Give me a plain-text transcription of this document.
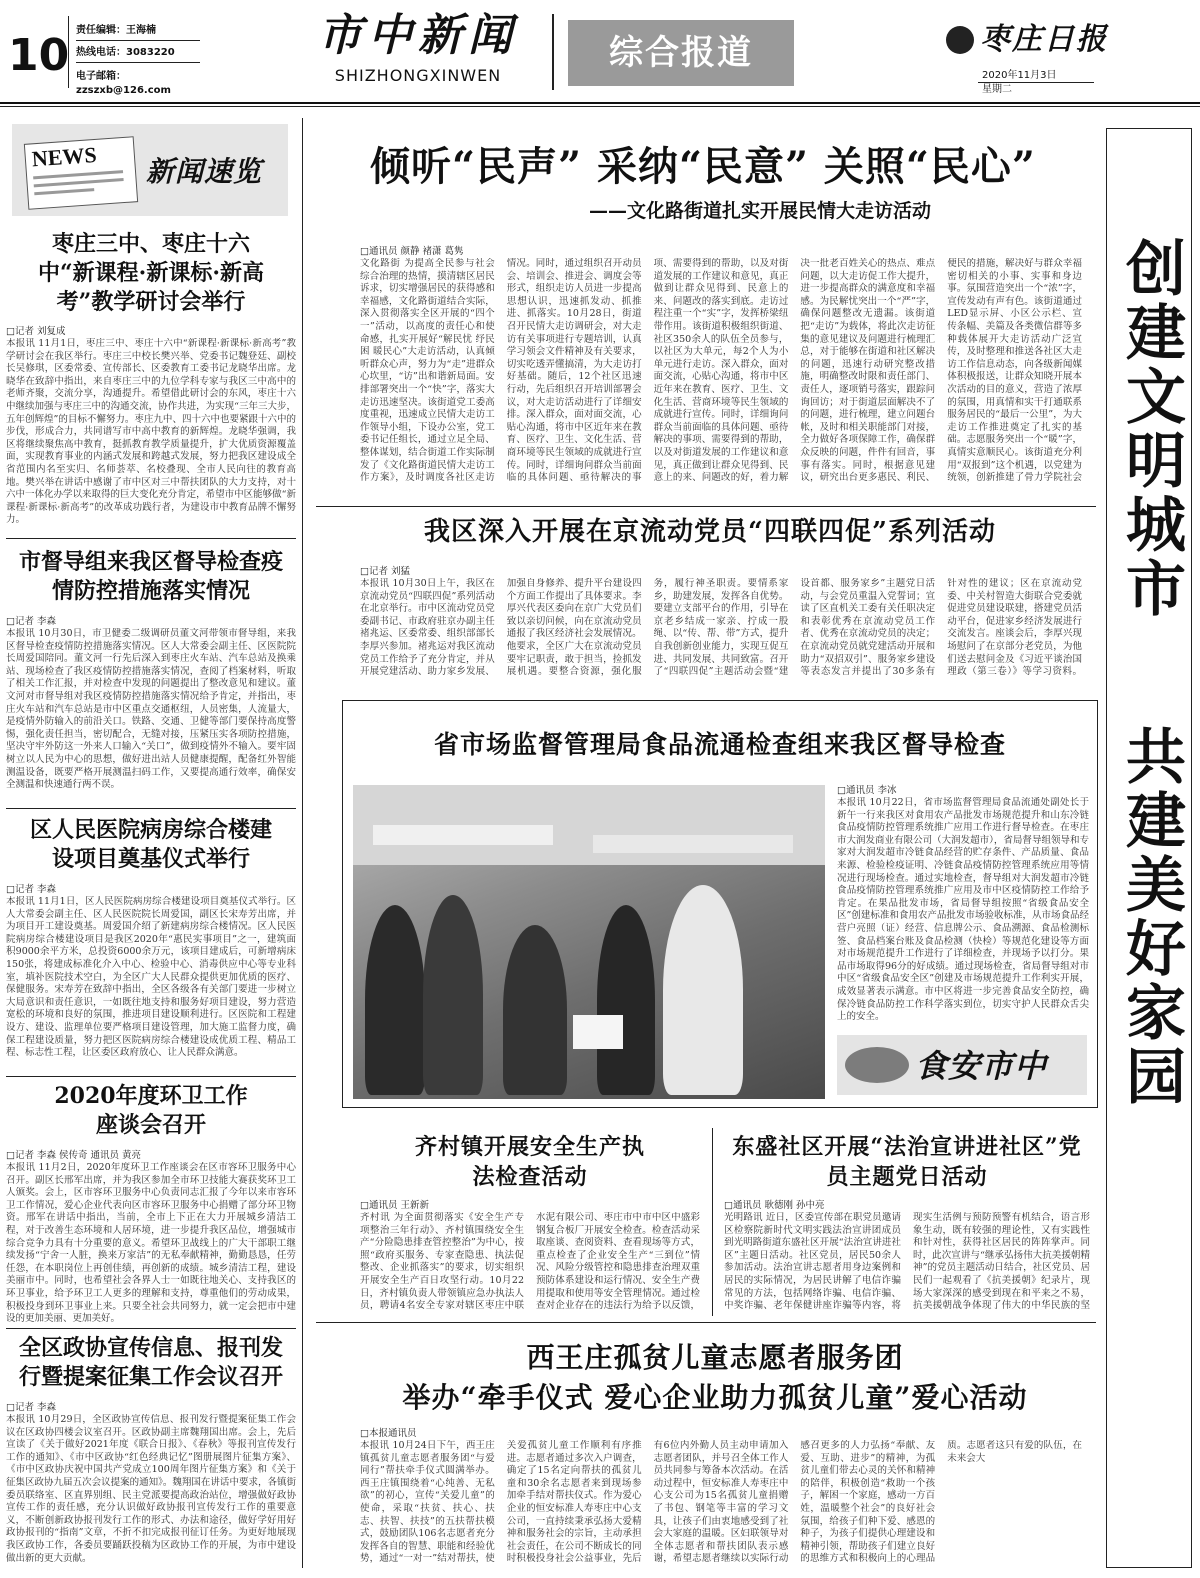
10 责任编辑：王海楠
热线电话：3083220
电子邮箱：zzszxb@126.com
市中新闻
SHIZHONGXINWEN
综合报道	枣庄日报
2020年11月3日
星期二
NEWS 新闻速览
枣庄三中、枣庄十六中“新课程·新课标·新高考”教学研讨会举行
□记者 刘复成
本报讯 11月1日，枣庄三中、枣庄十六中“新课程·新课标·新高考”教学研讨会在我区举行。枣庄三中校长樊兴举、党委书记魏登廷、副校长吴修琪，区委常委、宣传部长、区委教育工委书记龙晓华出席。龙晓华在致辞中指出，来自枣庄三中的九位学科专家与我区三中高中的老师齐聚，交流分享，沟通提升。希望借此研讨会的东风，枣庄十六中继续加强与枣庄三中的沟通交流，协作共进，为实现“三年三大步，五年创辉煌”的目标不懈努力。枣庄九中、四十六中也要紧跟十六中的步伐，形成合力，共同谱写市中高中教育的新辉煌。龙晓华强调，我区将继续聚焦高中教育，挺抓教育教学质量提升，扩大优质资源覆盖面，实现教育事业的内涵式发展和跨越式发展，努力把我区建设成全省范围内名至实归、名师荟萃、名校叠现、全市人民向往的教育高地。樊兴举在讲话中感谢了市中区对三中帮扶团队的大力支持，对十六中一体化办学以来取得的巨大变化充分肯定，希望市中区能够做“新课程·新课标·新高考”的改革成功践行者，为建设市中教育品牌不懈努力。
市督导组来我区督导检查疫情防控措施落实情况
□记者 李森
本报讯 10月30日，市卫健委二级调研员董文河带领市督导组，来我区督导检查疫情防控措施落实情况。区人大常委会副主任、区医院院长周爱国陪同。董文河一行先后深入到枣庄火车站、汽车总站及换乘站、现场检查了我区疫情防控措施落实情况，查阅了档案材料，听取了相关工作汇报，并对检查中发现的问题提出了整改意见和建议。董文河对市督导组对我区疫情防控措施落实情况给予肯定，并指出，枣庄火车站和汽车总站是市中区重点交通枢纽，人员密集，人流量大，是疫情外防输入的前沿关口。铁路、交通、卫健等部门要保持高度警惕，强化责任担当，密切配合，无缝对接，压紧压实各项防控措施，坚决守牢外防这一外来人口输入“关口”，做到疫情外不输入。要牢固树立以人民为中心的思想，做好进出站人员健康提醒，配备红外智能测温设备，既要严格开展测温扫码工作，又要提高通行效率，确保安全测温和快速通行两不误。
区人民医院病房综合楼建设项目奠基仪式举行
□记者 李森
本报讯 11月1日，区人民医院病房综合楼建设项目奠基仪式举行。区人大常委会副主任、区人民医院院长周爱国，副区长宋寿芳出席，并为项目开工建设奠基。周爱国介绍了新建病房综合楼情况。区人民医院病房综合楼建设项目是我区2020年“惠民实事项目”之一，建筑面积9000余平方米，总投资6000余万元，该项目建成后，可新增病床150张，将建成标准化介入中心、检验中心、消毒供应中心等专业科室，填补医院技术空白，为全区广大人民群众提供更加优质的医疗、保健服务。宋寿芳在致辞中指出，全区各级各有关部门要进一步树立大局意识和责任意识，一如既往地支持和服务好项目建设，努力营造宽松的环境和良好的氛围，推进项目建设顺利进行。区医院和工程建设方、建设、监理单位要严格项目建设管理，加大施工监督力度，确保工程建设质量，努力把区医院病房综合楼建设成优质工程、精品工程、标志性工程，让区委区政府放心、让人民群众满意。
2020年度环卫工作座谈会召开
□记者 李森 侯传奇 通讯员 黄亮
本报讯 11月2日，2020年度环卫工作座谈会在区市容环卫服务中心召开。副区长邢军出席，并为我区参加全市环卫技能大赛获奖环卫工人颁奖。会上，区市容环卫服务中心负责同志汇报了今年以来市容环卫工作情况，爱心企业代表向区市容环卫服务中心捐赠了部分环卫物资。邢军在讲话中指出，当前，全市上下正在大力开展城乡清洁工程，对于改善生态环境和人居环境，进一步提升我区品位，增强城市综合竞争力具有十分重要的意义。希望环卫战线上的广大干部职工继续发扬“宁舍一人脏，换来万家洁”的无私奉献精神，勤勤恳恳，任劳任怨，在本职岗位上再创佳绩，再创新的成绩。城乡清洁工程，建设美丽市中。同时，也希望社会各界人士一如既往地关心、支持我区的环卫事业，给予环卫工人更多的理解和支持，尊重他们的劳动成果，积极投身到环卫事业上来。只要全社会共同努力，就一定会把市中建设的更加美丽、更加美好。
全区政协宣传信息、报刊发行暨提案征集工作会议召开
□记者 李森
本报讯 10月29日，全区政协宣传信息、报刊发行暨提案征集工作会议在区政协四楼会议室召开。区政协副主席魏翔国出席。会上，先后宣读了《关于做好2021年度《联合日报》、《春秋》等报刊宣传发行工作的通知》、《市中区政协“红色经典记忆”图册展图片征集方案》、《市中区政协庆祝中国共产党成立100周年图片征集方案》和《关于征集区政协九届五次会议提案的通知》。魏翔国在讲话中要求，各镇街委员联络室、区直界别组、民主党派要提高政治站位，增强做好政协宣传工作的责任感，充分认识做好政协报刊宣传发行工作的重要意义，不断创新政协报刊发行工作的形式、办法和途径，做好学好用好政协报刊的“指南”文章，不折不扣完成报刊征订任务。为更好地展现我区政协工作，各委员要踊跃投稿为区政协工作的开展，为市中建设做出新的更大贡献。
创建文明城市
共建美好家园
倾听“民声” 采纳“民意” 关照“民心”
——文化路街道扎实开展民情大走访活动
□通讯员 颜静 褚潇 葛隽
文化路街 为提高全民参与社会综合治理的热情，摸清辖区居民诉求，切实增强居民的获得感和幸福感，文化路街道结合实际，深入贯彻落实全区开展的“四个一”活动，以高度的责任心和使命感，扎实开展好“解民忧 纾民困 暖民心”大走访活动，认真倾听群众心声，努力为“走”进群众心坎里，“访”出和谐新局面。安排部署突出一个“快”字，落实大走访迅速坚决。该街道党工委高度重视，迅速成立民情大走访工作领导小组，下设办公室，党工委书记任组长，通过立足全局、整体谋划，结合街道工作实际制发了《文化路街道民情大走访工作方案》，及时调度各社区走访情况。同时，通过组织召开动员会、培训会、推进会、调度会等形式，组织走访人员进一步提高思想认识，迅速抓发动、抓推进、抓落实。10月28日，街道召开民情大走访调研会，对大走访有关事项进行专题培训，认真学习领会文件精神及有关要求，切实吃透弄懂搞清，为大走访打好基础。随后，12个社区迅速行动，先后组织召开培训部署会议，对大走访活动进行了详细安排。深入群众，面对面交流，心贴心沟通，将市中区近年来在教育、医疗、卫生、文化生活、营商环境等民生领域的成就进行宣传。同时，详细询问群众当前面临的具体问题、亟待解决的事项、需要得到的帮助，以及对街道发展的工作建议和意见，真正做到让群众见得到、民意上的来、问题改的落实到底。走访过程注重一个“实”字，发挥桥梁纽带作用。该街道积极组织街道、社区350余人的队伍全员参与，以社区为大单元，每2个人为小单元进行走访。深入群众，面对面交流，心贴心沟通，将市中区近年来在教育、医疗、卫生、文化生活、营商环境等民生领域的成就进行宣传。同时，详细询问群众当前面临的具体问题、亟待解决的事项、需要得到的帮助，以及对街道发展的工作建议和意见，真正做到让群众见得到、民意上的来、问题改的好，着力解决一批老百姓关心的热点、难点问题，以大走访促工作大提升，进一步提高群众的满意度和幸福感。为民解忧突出一个“严”字，确保问题整改无遗漏。该街道把“走访”为载体，将此次走访征集的意见建议及问题进行梳理汇总，对于能够在街道和社区解决的问题，迅速行动研究整改措施，明确整改时限和责任部门、责任人，逐项销号落实，跟踪问询回访；对于街道层面解决不了的问题，进行梳理，建立问题台帐，及时和相关职能部门对接，全力做好各项保障工作，确保群众反映的问题，件件有回音，事事有落实。同时，根据意见建议，研究出台更多惠民、利民、便民的措施，解决好与群众幸福密切相关的小事、实事和身边事。氛围营造突出一个“浓”字，宣传发动有声有色。该街道通过LED显示屏、小区公示栏、宣传条幅、美篇及各类微信群等多种载体展开大走访活动广泛宣传，及时整理和推送各社区大走访工作信息动态，向各级新闻媒体积极报送，让群众知晓开展本次活动的目的意义，营造了浓厚的氛围，用真情和实干打通联系服务居民的“最后一公里”，为大走访工作推进奠定了扎实的基础。志愿服务突出一个“暖”字，真情实意顺民心。该街道充分利用“双报到”这个机遇，以党建为统领，创新推建了骨力学院社会
我区深入开展在京流动党员“四联四促”系列活动
□记者 刘猛
本报讯 10月30日上午，我区在京流动党员“四联四促”系列活动在北京举行。市中区流动党员党委副书记、市政府驻京办副主任褚兆运、区委常委、组织部部长李厚兴参加。褚兆运对我区流动党员工作给予了充分肯定，并从开展党建活动、助力家乡发展、加强自身修养、提升平台建设四个方面工作提出了具体要求。李厚兴代表区委向在京广大党员们致以亲切问候，向在京流动党员通报了我区经济社会发展情况。他要求，全区广大在京流动党员要牢记职责，敢于担当，捡抓发展机遇。要整合资源，强化服务，履行神圣职责。要情系家乡，助建发展，发挥各自优势。要建立支部平台的作用，引导在京老乡结成一家亲、拧成一股绳、以“传、帮、带”方式，提升自我创新创业能力，实现互促互进、共同发展、共同致富。召开了“四联四促”主题活动会暨“建设首都、服务家乡”主题党日活动，与会党员重温入党誓词；宣读了区直机关工委有关任职决定和表彰优秀在京流动党员工作者、优秀在京流动党员的决定；在京流动党员就党建活动开展和助力“双招双引”、服务家乡建设等表态发言并提出了30多条有针对性的建议；区在京流动党委、中关村智造大街联合党委就促进党员建设联建，搭建党员活动平台，促进家乡经济发展进行交流发言。座谈会后，李厚兴现场慰问了在京部分老党员，为他们送去慰问金及《习近平谈治国理政（第三卷）》等学习资料。
省市场监督管理局食品流通检查组来我区督导检查
□通讯员 李冰
本报讯 10月22日，省市场监督管理局食品流通处副处长于新午一行来我区对食用农产品批发市场规范提升和山东冷链食品疫情防控管理系统推广应用工作进行督导检查。在枣庄市大润发商业有限公司（大润发超市），省局督导组领导和专家对大润发超市冷链食品经营的贮存条件、产品质量、食品来源、检验检疫证明、冷链食品疫情防控管理系统应用等情况进行现场检查。通过实地检查，督导组对大润发超市冷链食品疫情防控管理系统推广应用及市中区疫情防控工作给予肯定。在果品批发市场，省局督导组按照“省级食品安全区”创建标准和食用农产品批发市场验收标准，从市场食品经营户亮照（证）经营、信息牌公示、食品溯源、食品检测标签、食品档案台账及食品检测（快检）等规范化建设等方面对市场规范提升工作进行了详细检查，并现场予以打分。果品市场取得96分的好成绩。通过现场检查，省局督导组对市中区“省级食品安全区”创建及市场规范提升工作利实开展，成效显著表示满意。市中区将进一步完善食品安全防控，确保冷链食品防控工作科学落实到位，切实守护人民群众舌尖上的安全。
食安市中
齐村镇开展安全生产执法检查活动
□通讯员 王新新
齐村讯 为全面贯彻落实《安全生产专项整治三年行动》、齐村镇围绕安全生产“分险隐患排查管控整治”为中心，按照“政府买服务、专家查隐患、执法促整改、企业抓落实”的要求，切实组织开展安全生产百日攻坚行动。10月22日，齐村镇负责人带领镇应急办执法人员，聘请4名安全专家对辖区枣庄中联水泥有限公司、枣庄市中市中区中盛彩钢复合板厂开展安全检查。检查活动采取座谈、查阅资料、查看现场等方式，重点检查了企业安全生产“三到位”情况、风险分级管控和隐患排查治理双重预防体系建设和运行情况、安全生产费用提取和使用等安全管理情况。通过检查对企业存在的违法行为给予以反馈，
东盛社区开展“法治宣讲进社区”党员主题党日活动
□通讯员 耿德刚 孙中亮
光明路讯 近日，区委宣传部在职党员邀请区检察院新时代文明实践法治宣讲团成员到光明路街道东盛社区开展“法治宣讲进社区”主题日活动。社区党员，居民50余人参加活动。法治宣讲志愿者用身边案例和居民的实际情况，为居民讲解了电信诈骗常见的方法，包括网络诈骗、电信诈骗、中奖诈骗、老年保健讲座诈骗等内容，将现实生活例与预防预警有机结合，语言形象生动，既有较强的理论性，又有实践性和针对性，获得社区居民的阵阵掌声。同时，此次宣讲与“继承弘扬伟大抗美援朝精神”的党员主题活动日结合，社区党员、居民们一起观看了《抗美援朝》纪录片，现场大家深深的感受到现在和平来之不易，抗美援朝战争体现了伟大的中华民族的坚
西王庄孤贫儿童志愿者服务团
举办“牵手仪式 爱心企业助力孤贫儿童”爱心活动
□本报通讯员
本报讯 10月24日下午，西王庄镇孤贫儿童志愿者服务团“与爱同行”帮扶牵手仪式圆满举办。西王庄镇围绕着“心纯善、无私欲”的初心，宣传“关爱儿童”的使命，采取“扶贫、扶心、扶志、扶智、扶技”的五扶帮扶模式，鼓励团队106名志愿者充分发挥各自的智慧、职能和经验优势，通过“一对一”结对帮扶，使关爱孤贫儿童工作顺利有序推进。志愿者通过多次入户调查，确定了15名定向帮扶的孤贫儿童和30余名志愿者来到现场参加牵手结对帮扶仪式。作为爱心企业的恒安标准人寿枣庄中心支公司，一直持续秉承弘扬大爱精神和服务社会的宗旨，主动承担社会责任，在公司不断成长的同时积极投身社会公益事业，先后有6位内外勤人员主动申请加入志愿者团队，并号召全体工作人员共同参与筹备本次活动。在活动过程中，恒安标准人寿枣庄中心支公司为15名孤贫儿童捐赠了书包、钢笔等丰富的学习文具，让孩子们由衷地感受到了社会大家庭的温暖。区妇联领导对全体志愿者和帮扶团队表示感谢，希望志愿者继续以实际行动感召更多的人力弘扬“奉献、友爱、互助、进步”的精神，为孤贫儿童们带去心灵的关怀和精神的陪伴，积极创造“救助一个孩子，解困一个家庭，感动一方百姓，温暖整个社会”的良好社会氛围，给孩子们种下爱、感恩的种子，为孩子们提供心理建设和精神引领，帮助孩子们建立良好的思维方式和积极向上的心理品质。志愿者这只有爱的队伍，在未来会大
